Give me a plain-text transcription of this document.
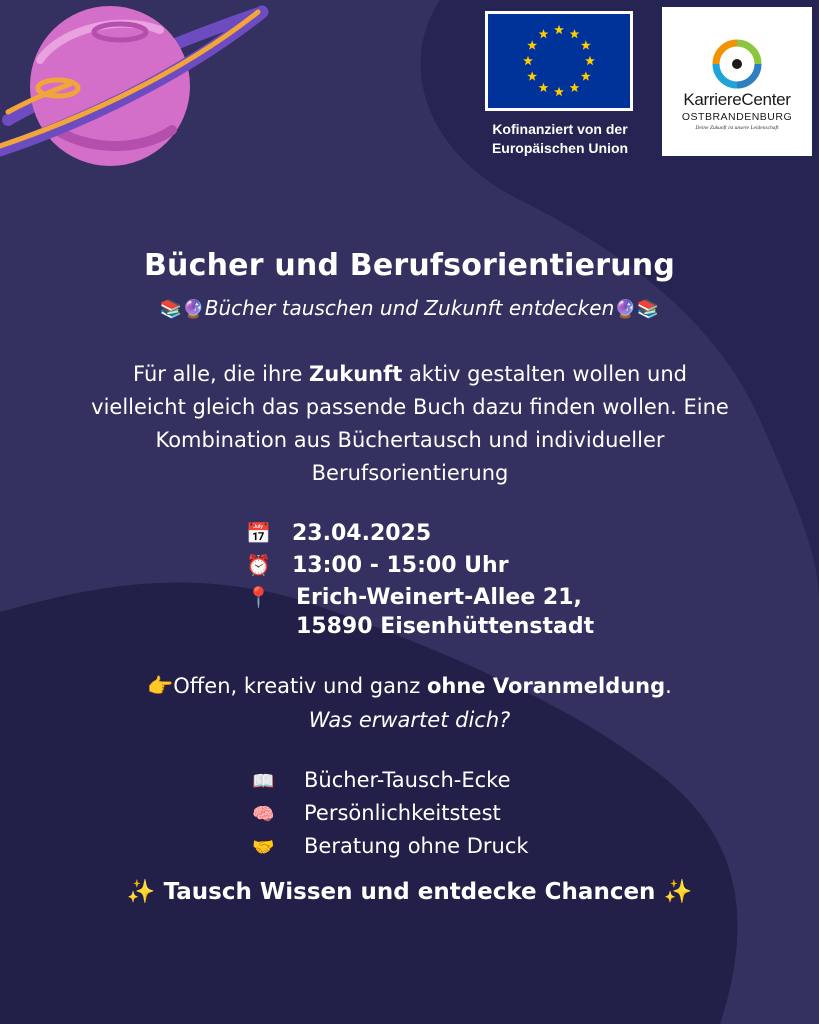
Kofinanziert von der
Europäischen Union
KarriereCenter
OSTBRANDENBURG
Deine Zukunft ist unsere Leidenschaft
Bücher und Berufsorientierung
📚🔮Bücher tauschen und Zukunft entdecken🔮📚
Für alle, die ihre Zukunft aktiv gestalten wollen und vielleicht gleich das passende Buch dazu finden wollen. Eine Kombination aus Büchertausch und individueller Berufsorientierung
📅 23.04.2025
⏰ 13:00 - 15:00 Uhr
📍 Erich-Weinert-Allee 21,
15890 Eisenhüttenstadt
👉Offen, kreativ und ganz ohne Voranmeldung.
Was erwartet dich?
📖 Bücher-Tausch-Ecke
🧠 Persönlichkeitstest
🤝 Beratung ohne Druck
✨ Tausch Wissen und entdecke Chancen ✨
